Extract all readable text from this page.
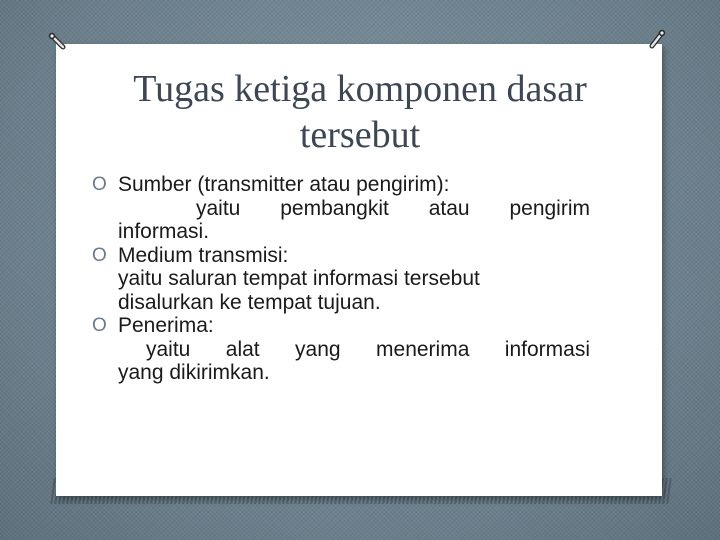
Tugas ketiga komponen dasar
tersebut
O Sumber (transmitter atau pengirim):
yaitu pembangkit atau pengirim
informasi.
O Medium transmisi:
yaitu saluran tempat informasi tersebut
disalurkan ke tempat tujuan.
O Penerima:
yaitu alat yang menerima informasi
yang dikirimkan.
